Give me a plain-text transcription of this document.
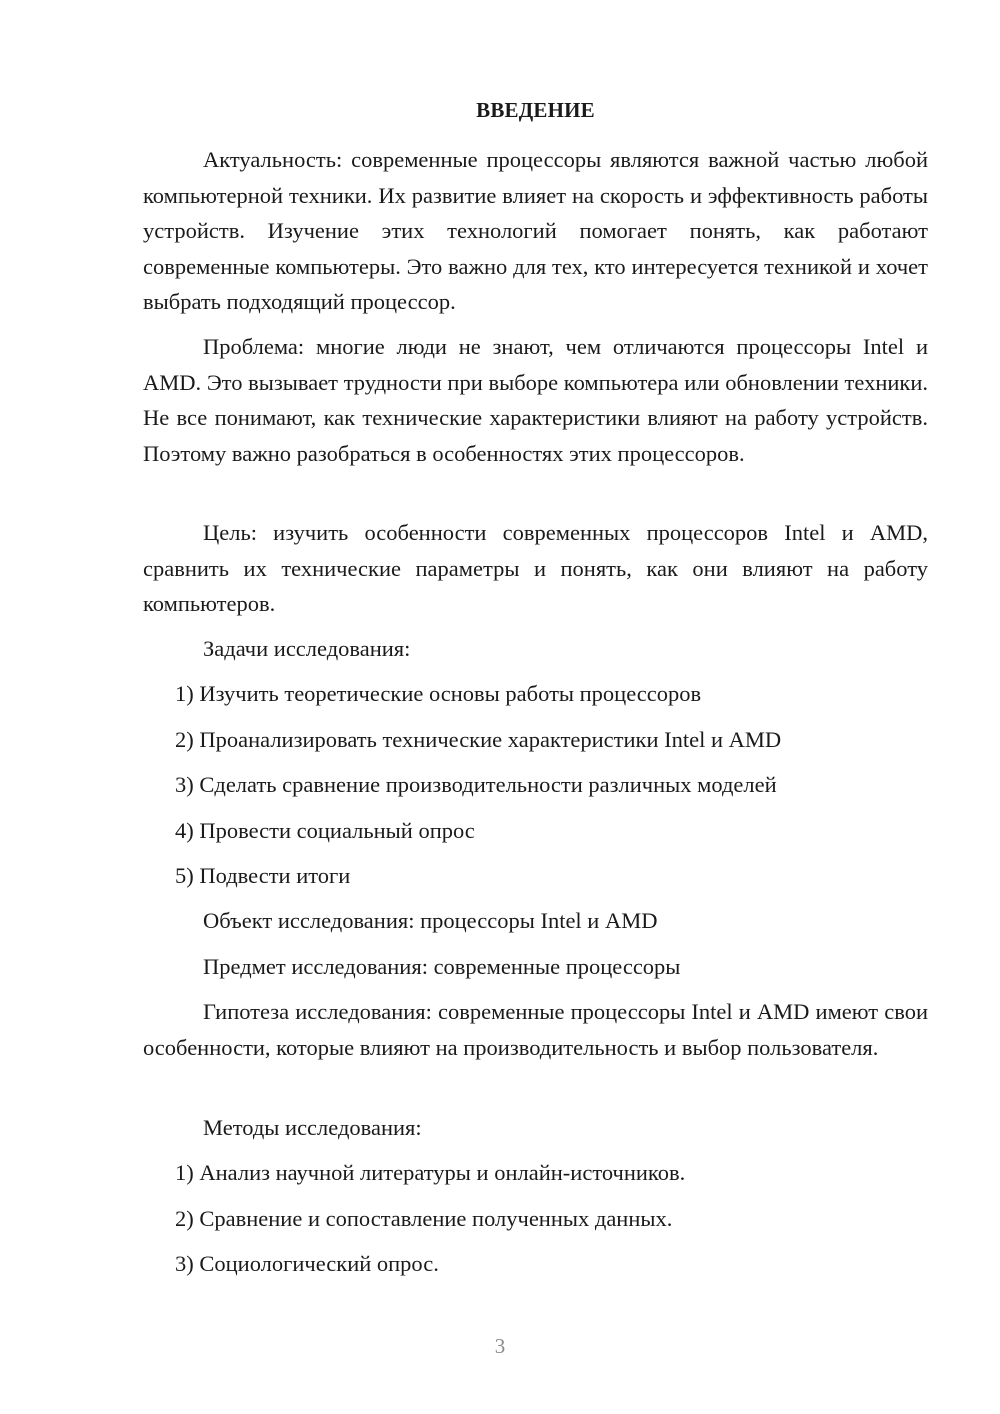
ВВЕДЕНИЕ

Актуальность: современные процессоры являются важной частью любой компьютерной техники. Их развитие влияет на скорость и эффективность работы устройств. Изучение этих технологий помогает понять, как работают современные компьютеры. Это важно для тех, кто интересуется техникой и хочет выбрать подходящий процессор.

Проблема: многие люди не знают, чем отличаются процессоры Intel и AMD. Это вызывает трудности при выборе компьютера или обновлении техники. Не все понимают, как технические характеристики влияют на работу устройств. Поэтому важно разобраться в особенностях этих процессоров.

Цель: изучить особенности современных процессоров Intel и AMD, сравнить их технические параметры и понять, как они влияют на работу компьютеров.

Задачи исследования:

1) Изучить теоретические основы работы процессоров

2) Проанализировать технические характеристики Intel и AMD

3) Сделать сравнение производительности различных моделей

4) Провести социальный опрос

5) Подвести итоги

Объект исследования: процессоры Intel и AMD

Предмет исследования: современные процессоры

Гипотеза исследования: современные процессоры Intel и AMD имеют свои особенности, которые влияют на производительность и выбор пользователя.

Методы исследования:

1) Анализ научной литературы и онлайн-источников.

2) Сравнение и сопоставление полученных данных.

3) Социологический опрос.

3
